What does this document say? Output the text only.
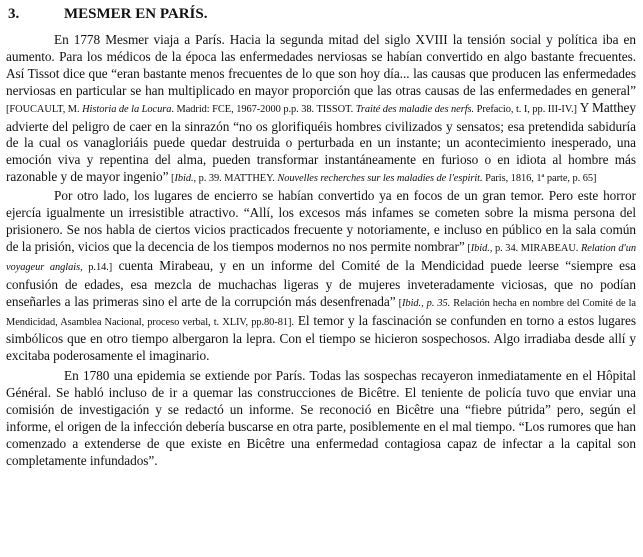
3.	MESMER EN PARÍS.

En 1778 Mesmer viaja a París. Hacia la segunda mitad del siglo XVIII la tensión social y política iba en aumento. Para los médicos de la época las enfermedades nerviosas se habían convertido en algo bastante frecuentes. Así Tissot dice que “eran bastante menos frecuentes de lo que son hoy día... las causas que producen las enfermedades nerviosas en particular se han multiplicado en mayor proporción que las otras causas de las enfermedades en general” [FOUCAULT, M. Historia de la Locura. Madrid: FCE, 1967-2000 p.p. 38. TISSOT. Traité des maladie des nerfs. Prefacio, t. I, pp. III-IV.] Y Matthey advierte del peligro de caer en la sinrazón “no os glorifiquéis hombres civilizados y sensatos; esa pretendida sabiduría de la cual os vanagloriáis puede quedar destruida o perturbada en un instante; un acontecimiento inesperado, una emoción viva y repentina del alma, pueden transformar instantáneamente en furioso o en idiota al hombre más razonable y de mayor ingenio” [Ibid., p. 39. MATTHEY. Nouvelles recherches sur les maladies de l'espirit. Paris, 1816, 1ª parte, p. 65]

Por otro lado, los lugares de encierro se habían convertido ya en focos de un gran temor. Pero este horror ejercía igualmente un irresistible atractivo. “Allí, los excesos más infames se cometen sobre la misma persona del prisionero. Se nos habla de ciertos vicios practicados frecuente y notoriamente, e incluso en público en la sala común de la prisión, vicios que la decencia de los tiempos modernos no nos permite nombrar” [Ibid., p. 34. MIRABEAU. Relation d'un voyageur anglais, p.14.] cuenta Mirabeau, y en un informe del Comité de la Mendicidad puede leerse “siempre esa confusión de edades, esa mezcla de muchachas ligeras y de mujeres inveteradamente viciosas, que no podían enseñarles a las primeras sino el arte de la corrupción más desenfrenada” [Ibid., p. 35. Relación hecha en nombre del Comité de la Mendicidad, Asamblea Nacional, proceso verbal, t. XLIV, pp.80-81]. El temor y la fascinación se confunden en torno a estos lugares simbólicos que en otro tiempo albergaron la lepra. Con el tiempo se hicieron sospechosos. Algo irradiaba desde allí y excitaba poderosamente el imaginario.

En 1780 una epidemia se extiende por París. Todas las sospechas recayeron inmediatamente en el Hôpital Général. Se habló incluso de ir a quemar las construcciones de Bicêtre. El teniente de policía tuvo que enviar una comisión de investigación y se redactó un informe. Se reconoció en Bicêtre una “fiebre pútrida” pero, según el informe, el origen de la infección debería buscarse en otra parte, posiblemente en el mal tiempo. “Los rumores que han comenzado a extenderse de que existe en Bicêtre una enfermedad contagiosa capaz de infectar a la capital son completamente infundados”.
